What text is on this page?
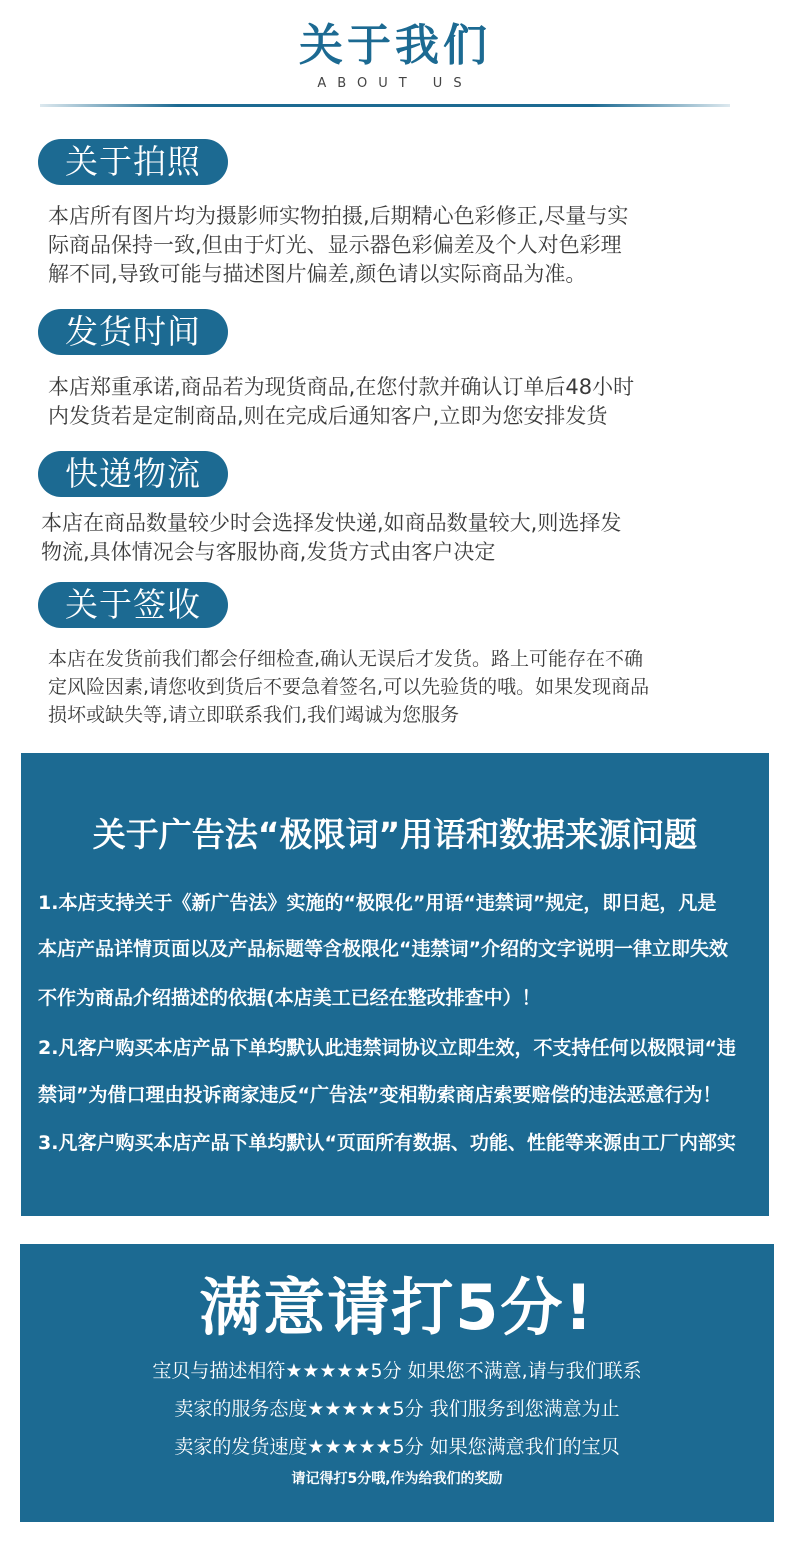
关于我们
ABOUT US
关于拍照
本店所有图片均为摄影师实物拍摄,后期精心色彩修正,尽量与实
际商品保持一致,但由于灯光、显示器色彩偏差及个人对色彩理
解不同,导致可能与描述图片偏差,颜色请以实际商品为准。
发货时间
本店郑重承诺,商品若为现货商品,在您付款并确认订单后48小时
内发货若是定制商品,则在完成后通知客户,立即为您安排发货
快递物流
本店在商品数量较少时会选择发快递,如商品数量较大,则选择发
物流,具体情况会与客服协商,发货方式由客户决定
关于签收
本店在发货前我们都会仔细检查,确认无误后才发货。路上可能存在不确
定风险因素,请您收到货后不要急着签名,可以先验货的哦。如果发现商品
损坏或缺失等,请立即联系我们,我们竭诚为您服务
关于广告法“极限词”用语和数据来源问题
1.本店支持关于《新广告法》实施的“极限化”用语“违禁词”规定，即日起，凡是
本店产品详情页面以及产品标题等含极限化“违禁词”介绍的文字说明一律立即失效
不作为商品介绍描述的依据(本店美工已经在整改排查中）！
2.凡客户购买本店产品下单均默认此违禁词协议立即生效，不支持任何以极限词“违
禁词”为借口理由投诉商家违反“广告法”变相勒索商店索要赔偿的违法恶意行为！
3.凡客户购买本店产品下单均默认“页面所有数据、功能、性能等来源由工厂内部实
满意请打5分!
宝贝与描述相符★★★★★5分 如果您不满意,请与我们联系
卖家的服务态度★★★★★5分 我们服务到您满意为止
卖家的发货速度★★★★★5分 如果您满意我们的宝贝
请记得打5分哦,作为给我们的奖励
